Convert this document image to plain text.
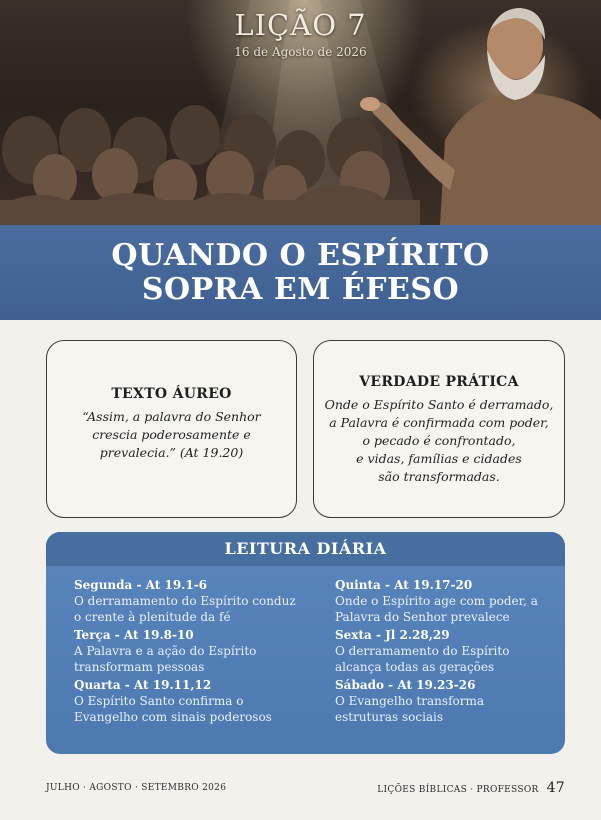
LIÇÃO 7
16 de Agosto de 2026
QUANDO O ESPÍRITO
SOPRA EM ÉFESO
TEXTO ÁUREO

“Assim, a palavra do Senhor
crescia poderosamente e
prevalecia.” (At 19.20)

VERDADE PRÁTICA

Onde o Espírito Santo é derramado,
a Palavra é confirmada com poder,
o pecado é confrontado,
e vidas, famílias e cidades
são transformadas.

LEITURA DIÁRIA
Segunda - At 19.1-6
O derramamento do Espírito conduz
o crente à plenitude da fé
Terça - At 19.8-10
A Palavra e a ação do Espírito
transformam pessoas
Quarta - At 19.11,12
O Espírito Santo confirma o
Evangelho com sinais poderosos
Quinta - At 19.17-20
Onde o Espírito age com poder, a
Palavra do Senhor prevalece
Sexta - Jl 2.28,29
O derramamento do Espírito
alcança todas as gerações
Sábado - At 19.23-26
O Evangelho transforma
estruturas sociais
JULHO · AGOSTO · SETEMBRO 2026	LIÇÕES BÍBLICAS · PROFESSOR 47
